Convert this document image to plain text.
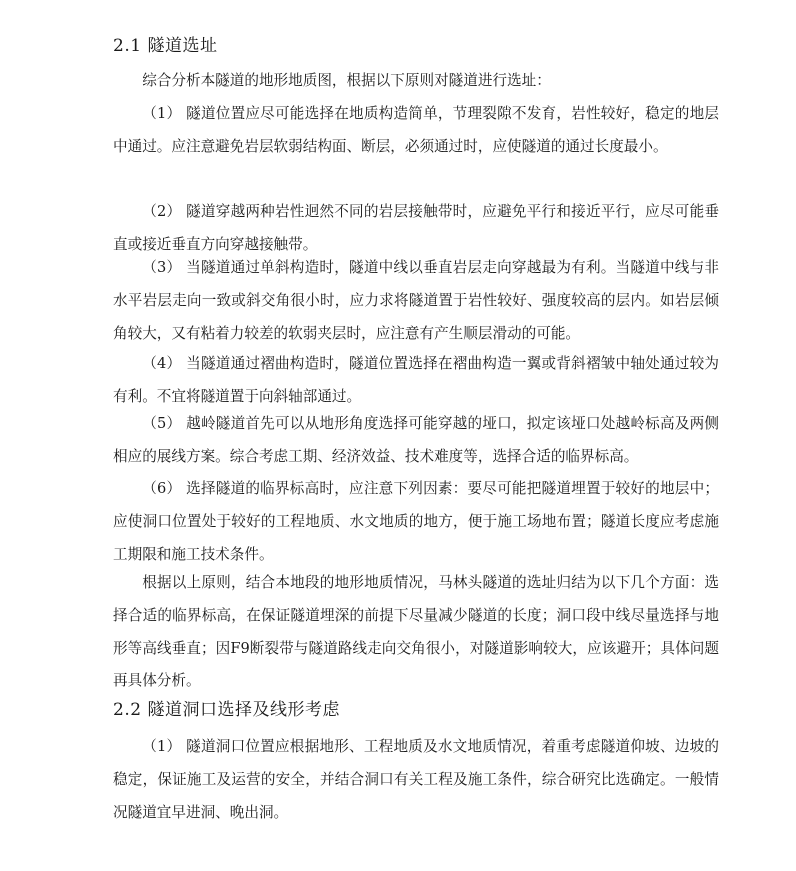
2.1 隧道选址

综合分析本隧道的地形地质图，根据以下原则对隧道进行选址：

（1） 隧道位置应尽可能选择在地质构造简单，节理裂隙不发育，岩性较好，稳定的地层中通过。应注意避免岩层软弱结构面、断层，必须通过时，应使隧道的通过长度最小。

（2） 隧道穿越两种岩性迥然不同的岩层接触带时，应避免平行和接近平行，应尽可能垂直或接近垂直方向穿越接触带。

（3） 当隧道通过单斜构造时，隧道中线以垂直岩层走向穿越最为有利。当隧道中线与非水平岩层走向一致或斜交角很小时，应力求将隧道置于岩性较好、强度较高的层内。如岩层倾角较大，又有粘着力较差的软弱夹层时，应注意有产生顺层滑动的可能。

（4） 当隧道通过褶曲构造时，隧道位置选择在褶曲构造一翼或背斜褶皱中轴处通过较为有利。不宜将隧道置于向斜轴部通过。

（5） 越岭隧道首先可以从地形角度选择可能穿越的垭口，拟定该垭口处越岭标高及两侧相应的展线方案。综合考虑工期、经济效益、技术难度等，选择合适的临界标高。

（6） 选择隧道的临界标高时，应注意下列因素：要尽可能把隧道埋置于较好的地层中；应使洞口位置处于较好的工程地质、水文地质的地方，便于施工场地布置；隧道长度应考虑施工期限和施工技术条件。

根据以上原则，结合本地段的地形地质情况，马林头隧道的选址归结为以下几个方面：选择合适的临界标高，在保证隧道埋深的前提下尽量减少隧道的长度；洞口段中线尽量选择与地形等高线垂直；因F9断裂带与隧道路线走向交角很小，对隧道影响较大，应该避开；具体问题再具体分析。

2.2 隧道洞口选择及线形考虑

（1） 隧道洞口位置应根据地形、工程地质及水文地质情况，着重考虑隧道仰坡、边坡的稳定，保证施工及运营的安全，并结合洞口有关工程及施工条件，综合研究比选确定。一般情况隧道宜早进洞、晚出洞。
